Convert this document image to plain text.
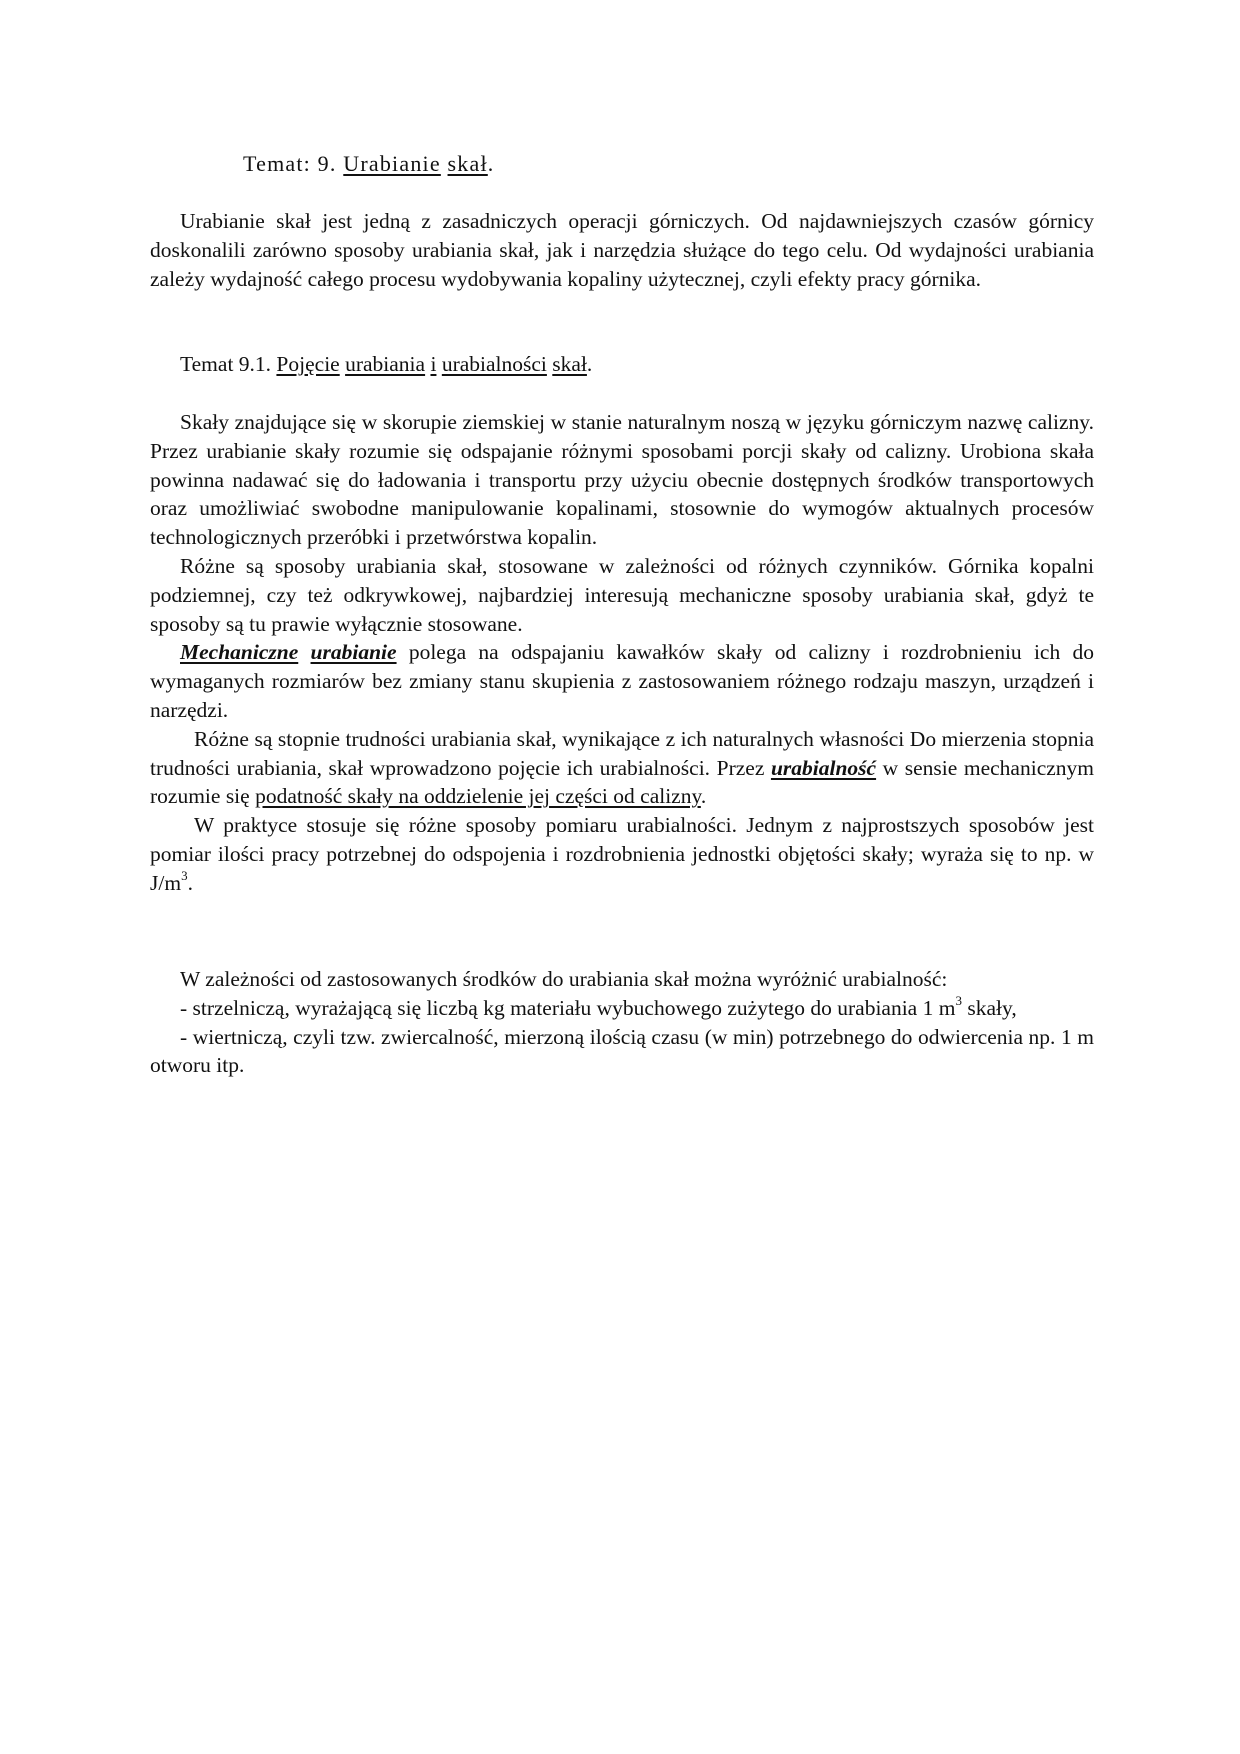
Temat: 9. Urabianie skał.

Urabianie skał jest jedną z zasadniczych operacji górniczych. Od najdawniejszych czasów górnicy doskonalili zarówno sposoby urabiania skał, jak i narzędzia służące do tego celu. Od wydajności urabiania zależy wydajność całego procesu wydobywania kopaliny użytecznej, czyli efekty pracy górnika.

Temat 9.1. Pojęcie urabiania i urabialności skał.

Skały znajdujące się w skorupie ziemskiej w stanie naturalnym noszą w języku górniczym nazwę calizny. Przez urabianie skały rozumie się odspajanie różnymi sposobami porcji skały od calizny. Urobiona skała powinna nadawać się do ładowania i transportu przy użyciu obecnie dostępnych środków transportowych oraz umożliwiać swobodne manipulowanie kopalinami, stosownie do wymogów aktualnych procesów technologicznych przeróbki i przetwórstwa kopalin.

Różne są sposoby urabiania skał, stosowane w zależności od różnych czynników. Górnika kopalni podziemnej, czy też odkrywkowej, najbardziej interesują mechaniczne sposoby urabiania skał, gdyż te sposoby są tu prawie wyłącznie stosowane.

Mechaniczne urabianie polega na odspajaniu kawałków skały od calizny i rozdrobnieniu ich do wymaganych rozmiarów bez zmiany stanu skupienia z zastosowaniem różnego rodzaju maszyn, urządzeń i narzędzi.

Różne są stopnie trudności urabiania skał, wynikające z ich naturalnych własności Do mierzenia stopnia trudności urabiania, skał wprowadzono pojęcie ich urabialności. Przez urabialność w sensie mechanicznym rozumie się podatność skały na oddzielenie jej części od calizny.

W praktyce stosuje się różne sposoby pomiaru urabialności. Jednym z najprostszych sposobów jest pomiar ilości pracy potrzebnej do odspojenia i rozdrobnienia jednostki objętości skały; wyraża się to np. w $J/m^3$.

W zależności od zastosowanych środków do urabiania skał można wyróżnić urabialność:

- strzelniczą, wyrażającą się liczbą kg materiału wybuchowego zużytego do urabiania 1 $m^3$ skały,

- wiertniczą, czyli tzw. zwiercalność, mierzoną ilością czasu (w min) potrzebnego do odwiercenia np. 1 m otworu itp.
